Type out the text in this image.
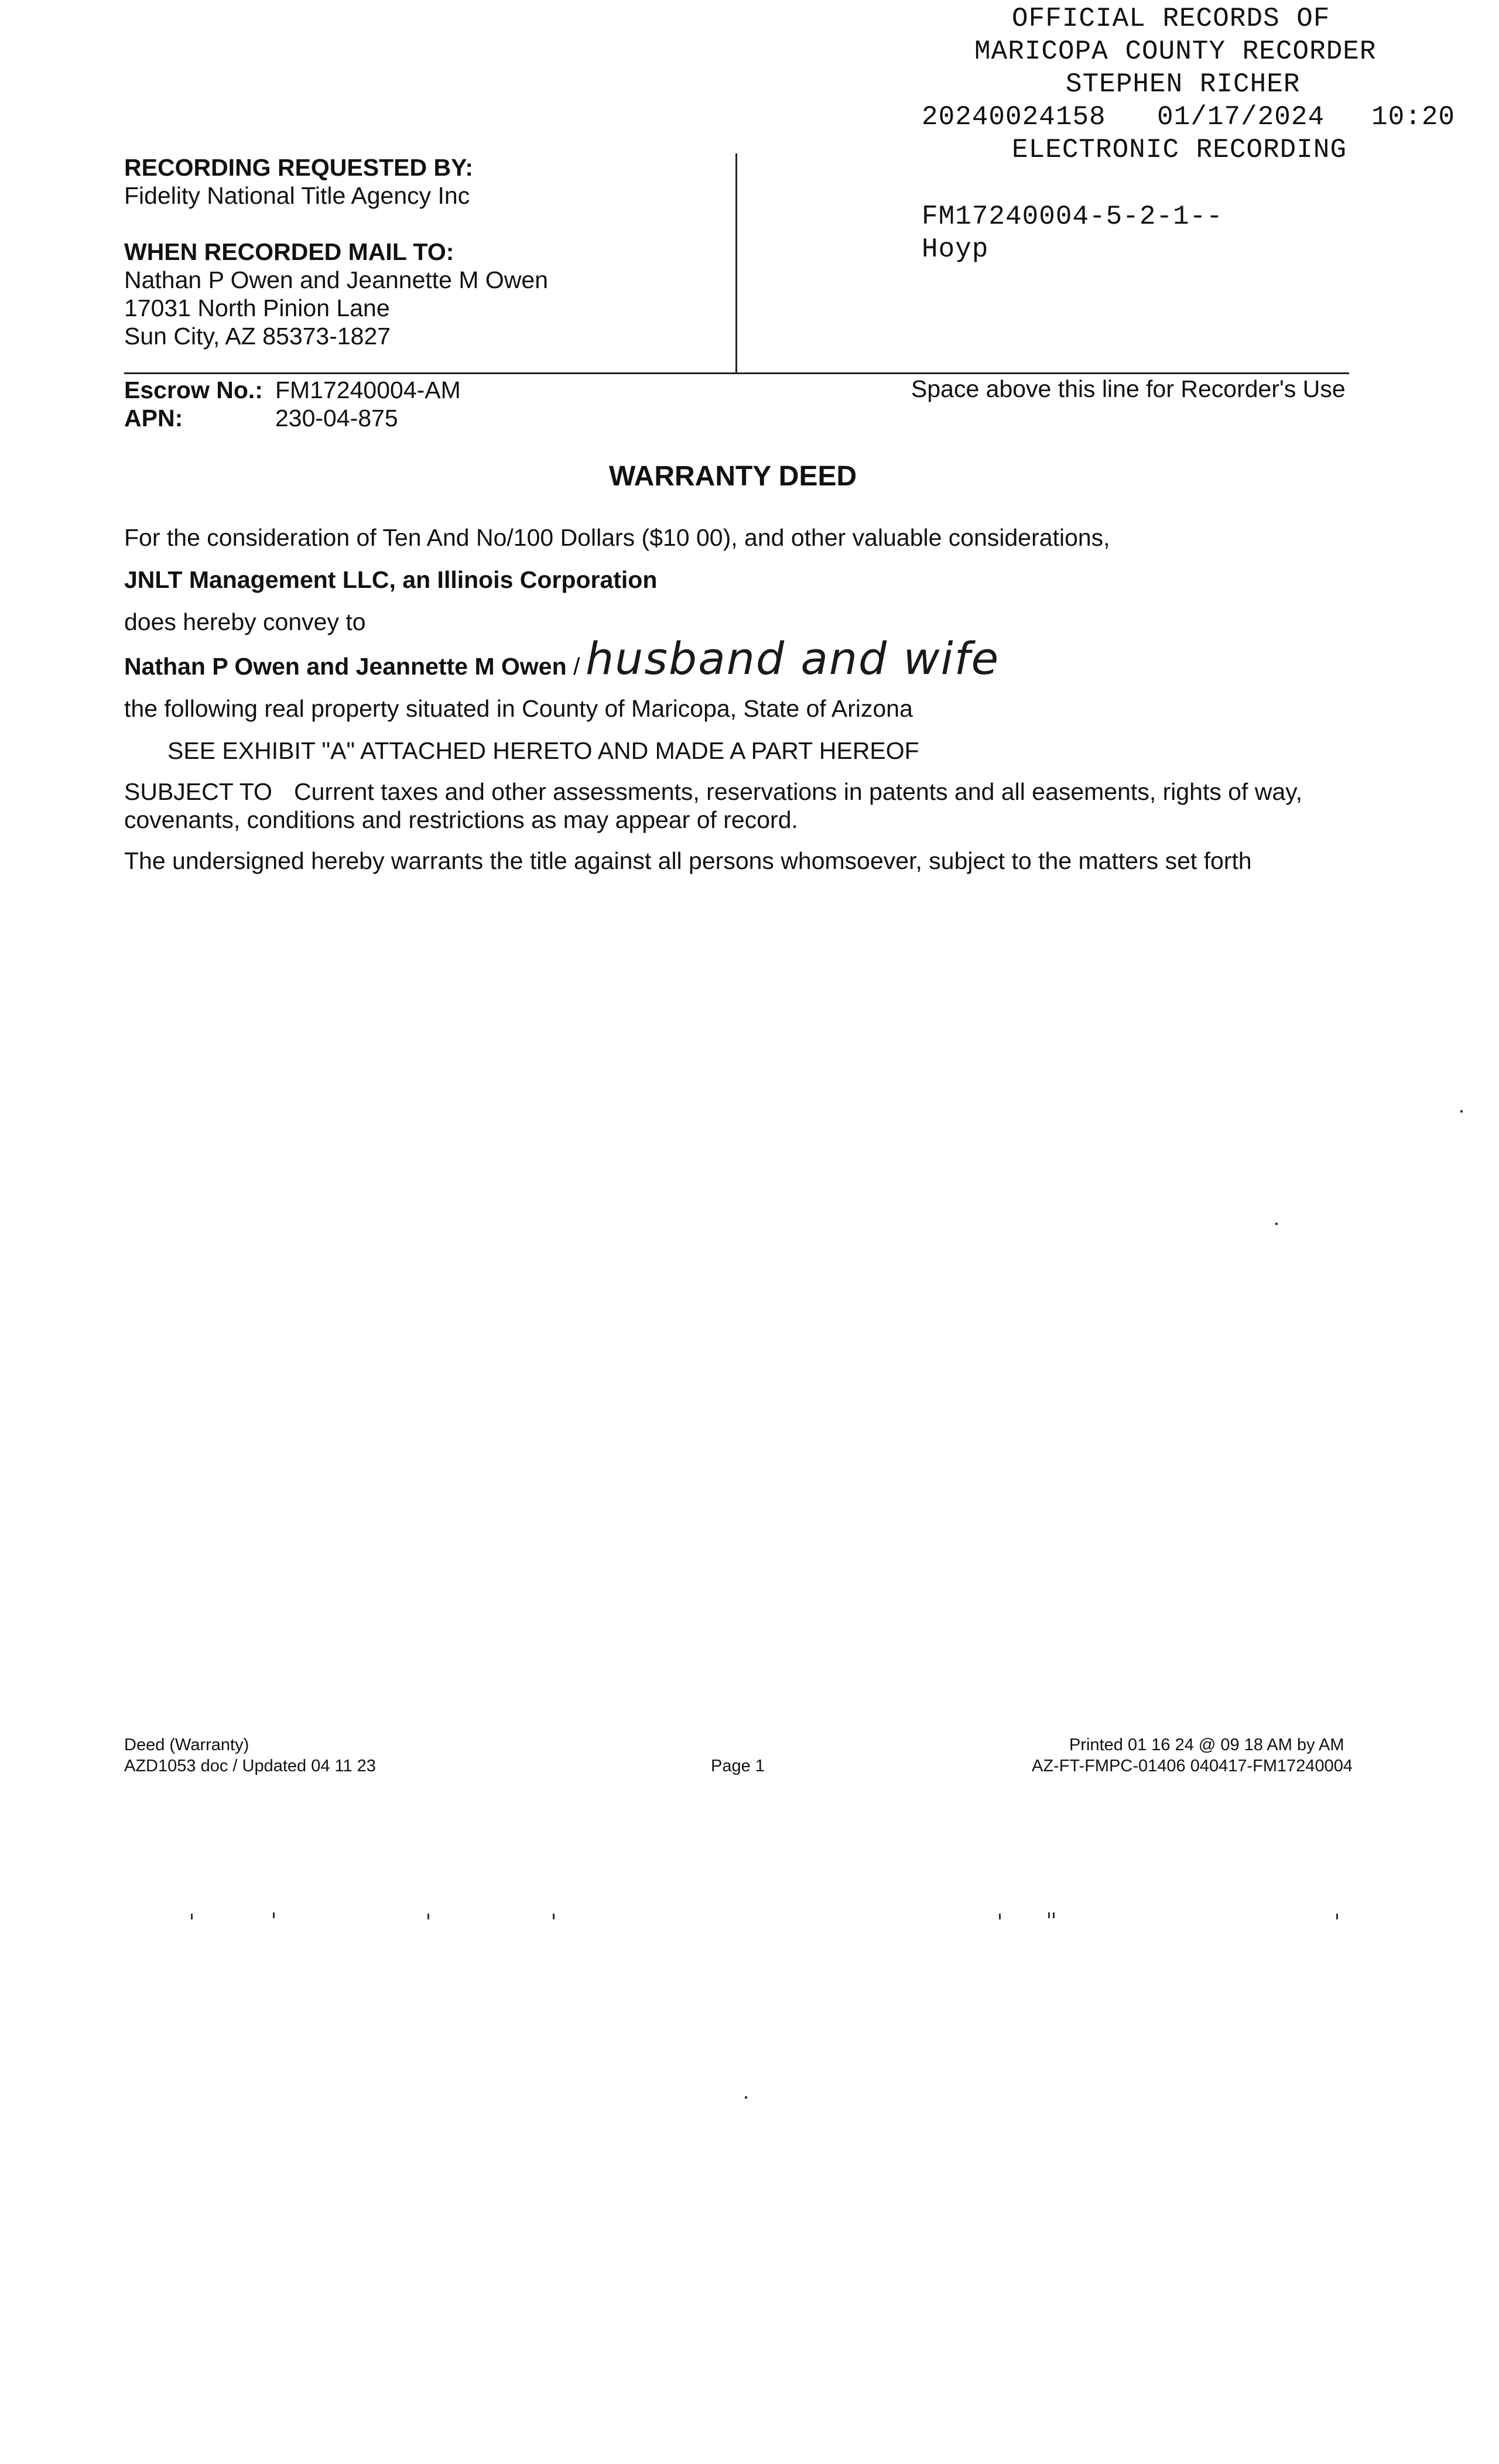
OFFICIAL RECORDS OF
MARICOPA COUNTY RECORDER
STEPHEN RICHER
20240024158 01/17/2024 10:20
ELECTRONIC RECORDING
FM17240004-5-2-1--
Hoyp
RECORDING REQUESTED BY:
Fidelity National Title Agency Inc
WHEN RECORDED MAIL TO:
Nathan P Owen and Jeannette M Owen
17031 North Pinion Lane
Sun City, AZ 85373-1827
Escrow No.: FM17240004-AM
APN:	230-04-875
Space above this line for Recorder's Use
WARRANTY DEED
For the consideration of Ten And No/100 Dollars ($10 00), and other valuable considerations,
JNLT Management LLC, an Illinois Corporation
does hereby convey to
Nathan P Owen and Jeannette M Owen / husband and wife
the following real property situated in County of Maricopa, State of Arizona
SEE EXHIBIT "A" ATTACHED HERETO AND MADE A PART HEREOF
SUBJECT TO Current taxes and other assessments, reservations in patents and all easements, rights of way,
covenants, conditions and restrictions as may appear of record.
The undersigned hereby warrants the title against all persons whomsoever, subject to the matters set forth
Deed (Warranty)
AZD1053 doc / Updated 04 11 23	Page 1
Printed 01 16 24 @ 09 18 AM by AM
AZ-FT-FMPC-01406 040417-FM17240004
